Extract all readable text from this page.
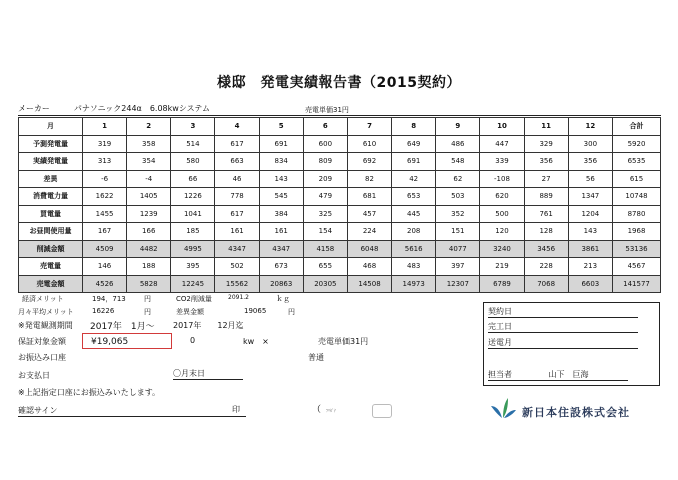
様邸　発電実績報告書（2015契約）
メーカー　　　パナソニック244α　6.08kwシステム	売電単価31円
月	1	2	3	4	5	6	7	8	9	10	11	12	合計
予測発電量	319	358	514	617	691	600	610	649	486	447	329	300	5920
実績発電量	313	354	580	663	834	809	692	691	548	339	356	356	6535
差異	-6	-4	66	46	143	209	82	42	62	-108	27	56	615
消費電力量	1622	1405	1226	778	545	479	681	653	503	620	889	1347	10748
買電量	1455	1239	1041	617	384	325	457	445	352	500	761	1204	8780
お昼間使用量	167	166	185	161	161	154	224	208	151	120	128	143	1968
削減金額	4509	4482	4995	4347	4347	4158	6048	5616	4077	3240	3456	3861	53136
売電量	146	188	395	502	673	655	468	483	397	219	228	213	4567
売電金額	4526	5828	12245	15562	20863	20305	14508	14973	12307	6789	7068	6603	141577
経済メリット	194，713	円	CO2削減量	2091.2	ｋｇ
月々平均メリット	16226	円	差異金額	19065	円
※発電観測期間 2017年　1月～ 2017年　　12月迄
保証対象金額	¥19,065	0	kw　×	売電単価31円
お振込み口座	普通
お支払日	〇月末日
※上記指定口座にお振込みいたします。
確認サイン	印	（ ﾌﾘｶﾞﾅ
契約日
完工日
送電月
担当者	山下　巨海
新日本住設株式会社
